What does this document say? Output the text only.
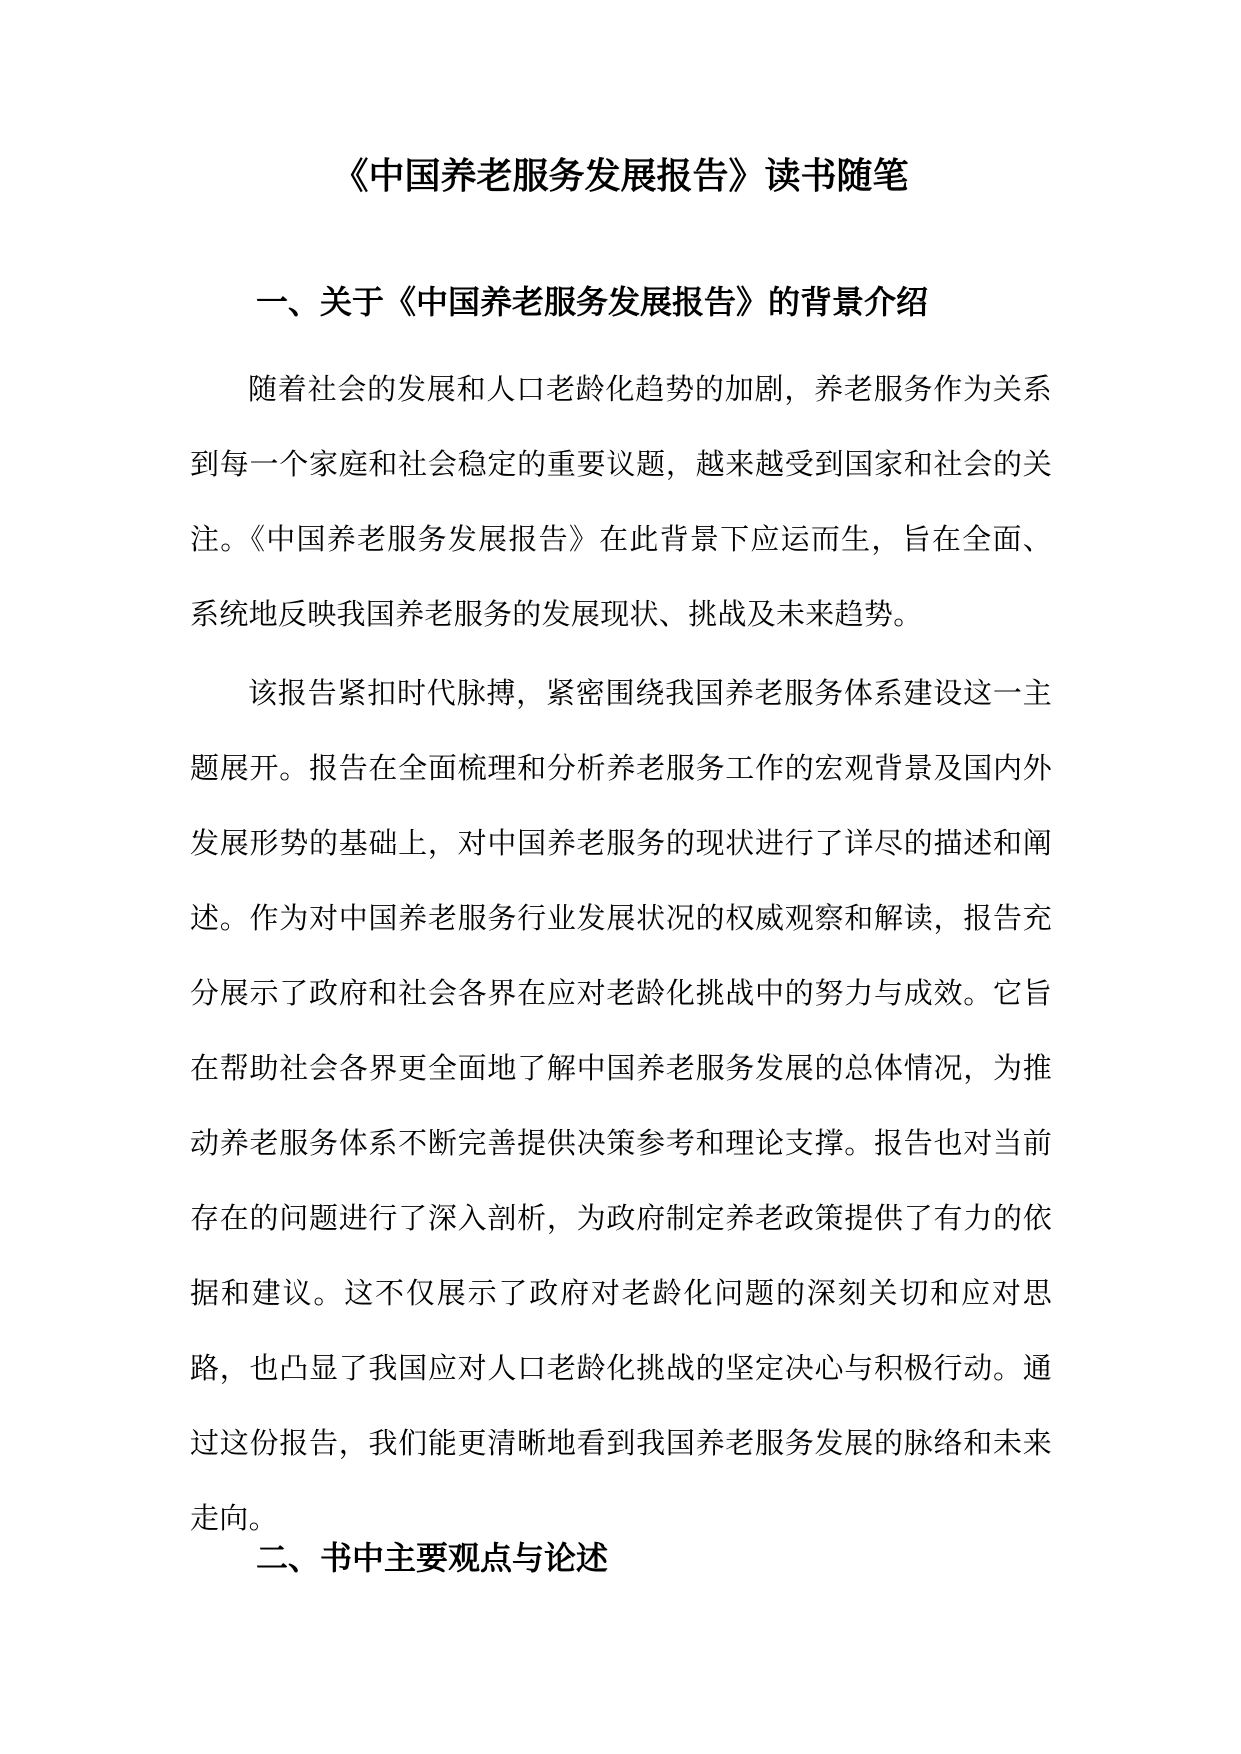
《中国养老服务发展报告》读书随笔
一、关于《中国养老服务发展报告》的背景介绍

随着社会的发展和人口老龄化趋势的加剧，养老服务作为关系到每一个家庭和社会稳定的重要议题，越来越受到国家和社会的关注。《中国养老服务发展报告》在此背景下应运而生，旨在全面、系统地反映我国养老服务的发展现状、挑战及未来趋势。

该报告紧扣时代脉搏，紧密围绕我国养老服务体系建设这一主题展开。报告在全面梳理和分析养老服务工作的宏观背景及国内外发展形势的基础上，对中国养老服务的现状进行了详尽的描述和阐述。作为对中国养老服务行业发展状况的权威观察和解读，报告充分展示了政府和社会各界在应对老龄化挑战中的努力与成效。它旨在帮助社会各界更全面地了解中国养老服务发展的总体情况，为推动养老服务体系不断完善提供决策参考和理论支撑。报告也对当前存在的问题进行了深入剖析，为政府制定养老政策提供了有力的依据和建议。这不仅展示了政府对老龄化问题的深刻关切和应对思路，也凸显了我国应对人口老龄化挑战的坚定决心与积极行动。通过这份报告，我们能更清晰地看到我国养老服务发展的脉络和未来走向。

二、书中主要观点与论述
